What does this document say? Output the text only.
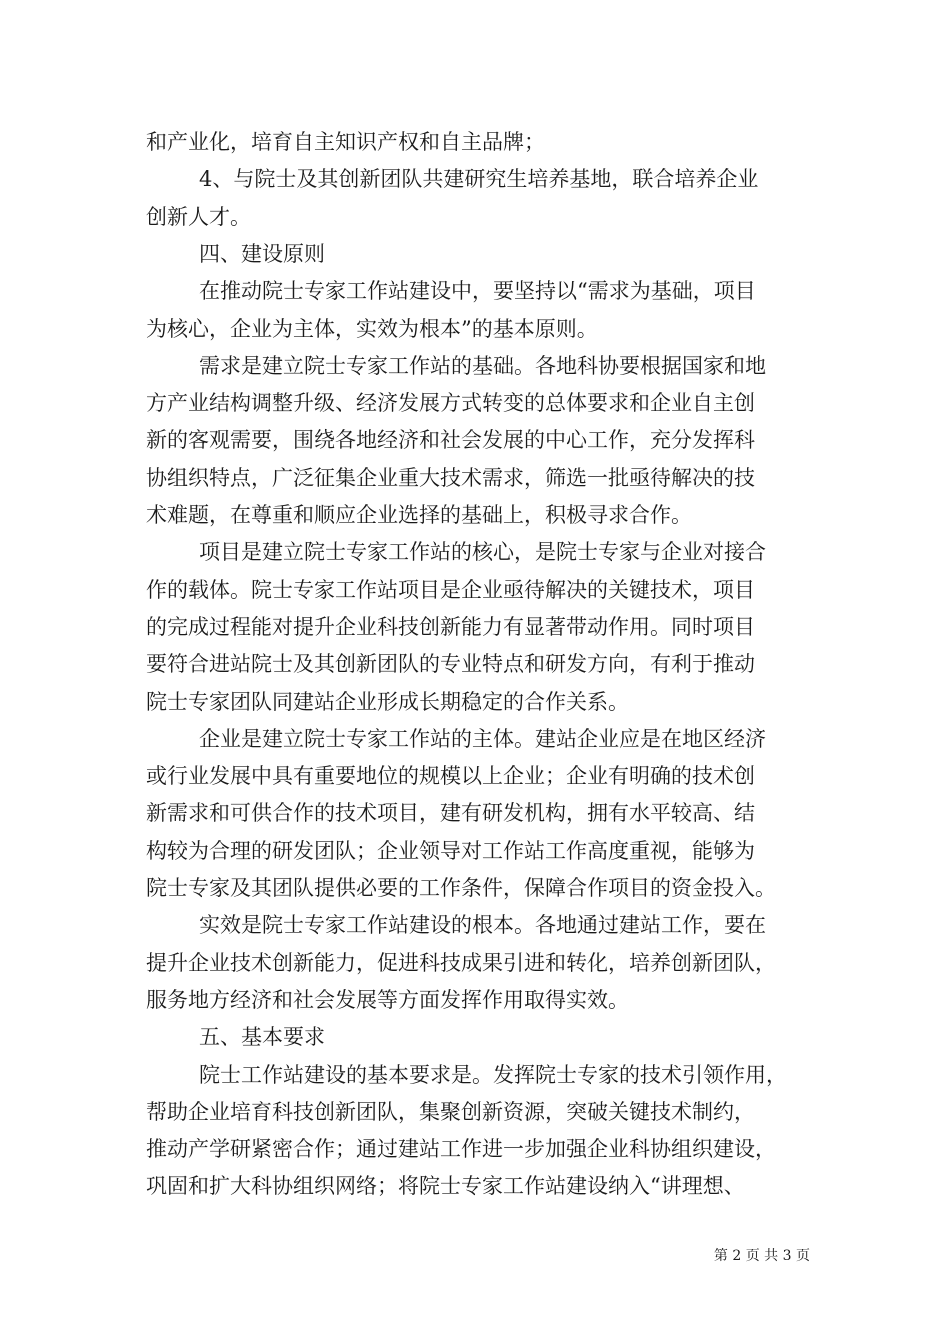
和产业化，培育自主知识产权和自主品牌；
4、与院士及其创新团队共建研究生培养基地，联合培养企业
创新人才。
四、建设原则
在推动院士专家工作站建设中，要坚持以“需求为基础，项目
为核心，企业为主体，实效为根本”的基本原则。
需求是建立院士专家工作站的基础。各地科协要根据国家和地
方产业结构调整升级、经济发展方式转变的总体要求和企业自主创
新的客观需要，围绕各地经济和社会发展的中心工作，充分发挥科
协组织特点，广泛征集企业重大技术需求，筛选一批亟待解决的技
术难题，在尊重和顺应企业选择的基础上，积极寻求合作。
项目是建立院士专家工作站的核心，是院士专家与企业对接合
作的载体。院士专家工作站项目是企业亟待解决的关键技术，项目
的完成过程能对提升企业科技创新能力有显著带动作用。同时项目
要符合进站院士及其创新团队的专业特点和研发方向，有利于推动
院士专家团队同建站企业形成长期稳定的合作关系。
企业是建立院士专家工作站的主体。建站企业应是在地区经济
或行业发展中具有重要地位的规模以上企业；企业有明确的技术创
新需求和可供合作的技术项目，建有研发机构，拥有水平较高、结
构较为合理的研发团队；企业领导对工作站工作高度重视，能够为
院士专家及其团队提供必要的工作条件，保障合作项目的资金投入。
实效是院士专家工作站建设的根本。各地通过建站工作，要在
提升企业技术创新能力，促进科技成果引进和转化，培养创新团队，
服务地方经济和社会发展等方面发挥作用取得实效。
五、基本要求
院士工作站建设的基本要求是。发挥院士专家的技术引领作用，
帮助企业培育科技创新团队，集聚创新资源，突破关键技术制约，
推动产学研紧密合作；通过建站工作进一步加强企业科协组织建设，
巩固和扩大科协组织网络；将院士专家工作站建设纳入“讲理想、
第 2 页 共 3 页
